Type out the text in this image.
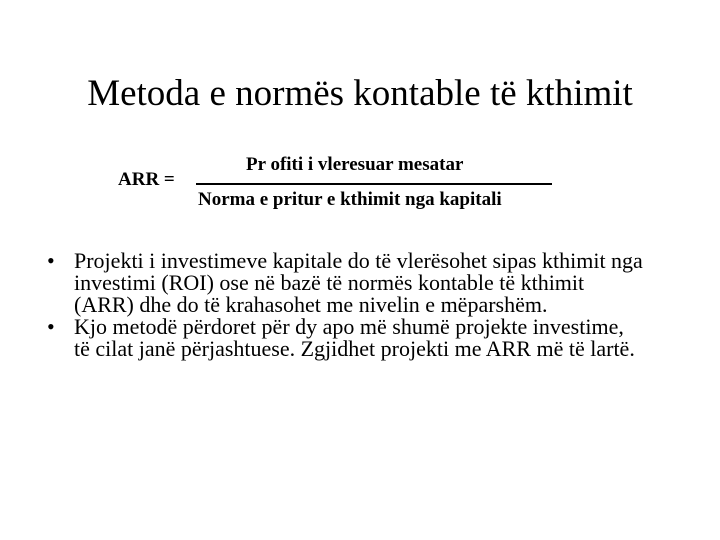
Metoda e normës kontable të kthimit
ARR =
Pr ofiti i vleresuar mesatar
Norma e pritur e kthimit nga kapitali
• Projekti i investimeve kapitale do të vlerësohet sipas kthimit nga investimi (ROI) ose në bazë të normës kontable të kthimit (ARR) dhe do të krahasohet me nivelin e mëparshëm.
• Kjo metodë përdoret për dy apo më shumë projekte investime, të cilat janë përjashtuese. Zgjidhet projekti me ARR më të lartë.
